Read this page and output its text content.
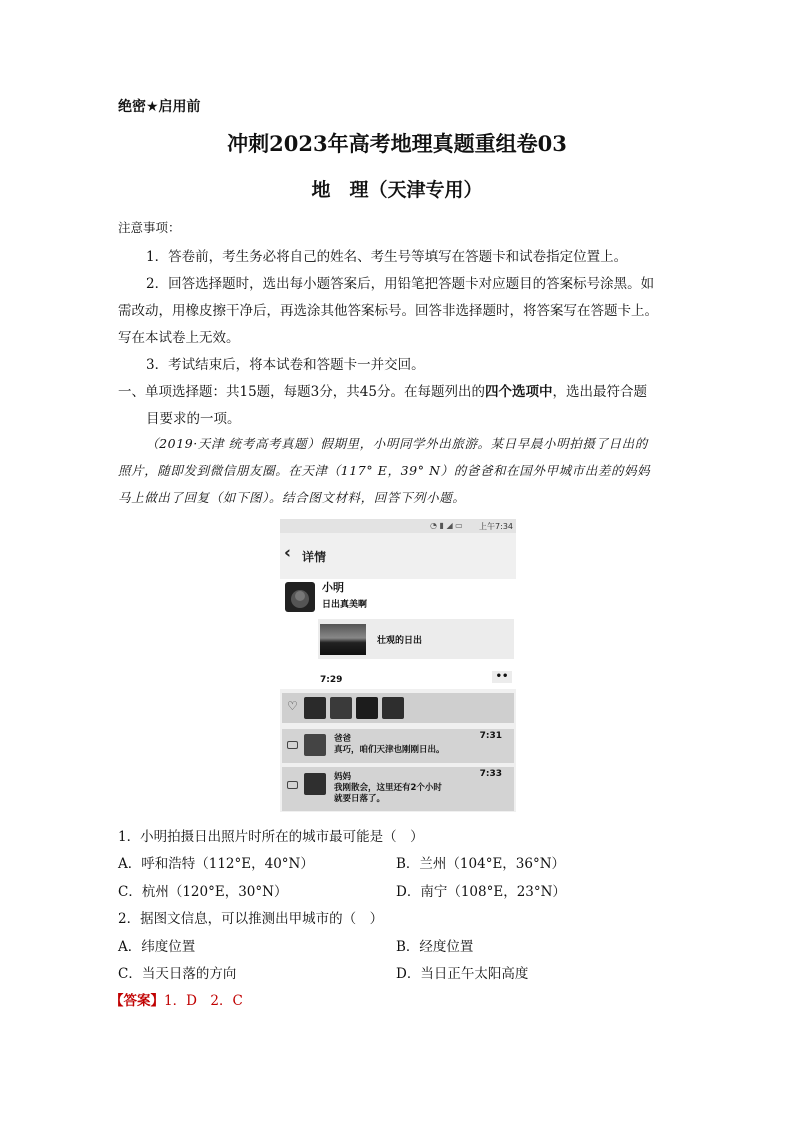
绝密★启用前
冲刺2023年高考地理真题重组卷03
地　理（天津专用）
注意事项：
1．答卷前，考生务必将自己的姓名、考生号等填写在答题卡和试卷指定位置上。
2．回答选择题时，选出每小题答案后，用铅笔把答题卡对应题目的答案标号涂黑。如
需改动，用橡皮擦干净后，再选涂其他答案标号。回答非选择题时，将答案写在答题卡上。
写在本试卷上无效。
3．考试结束后，将本试卷和答题卡一并交回。
一、单项选择题：共15题，每题3分，共45分。在每题列出的四个选项中，选出最符合题
目要求的一项。
（2019·天津 统考高考真题）假期里，小明同学外出旅游。某日早晨小明拍摄了日出的
照片，随即发到微信朋友圈。在天津（117° E，39° N）的爸爸和在国外甲城市出差的妈妈
马上做出了回复（如下图）。结合图文材料，回答下列小题。
◔ ▮ ◢ ▭ 上午7:34
‹ 详情
小明
日出真美啊
壮观的日出
7:29	••
♡
爸爸	7:31
真巧，咱们天津也刚刚日出。
妈妈	7:33
我刚散会，这里还有2个小时
就要日落了。
1．小明拍摄日出照片时所在的城市最可能是（　）
A．呼和浩特（112°E，40°N）	B．兰州（104°E，36°N）
C．杭州（120°E，30°N）	D．南宁（108°E，23°N）
2．据图文信息，可以推测出甲城市的（　）
A．纬度位置	B．经度位置
C．当天日落的方向	D．当日正午太阳高度
【答案】1．D　2．C
